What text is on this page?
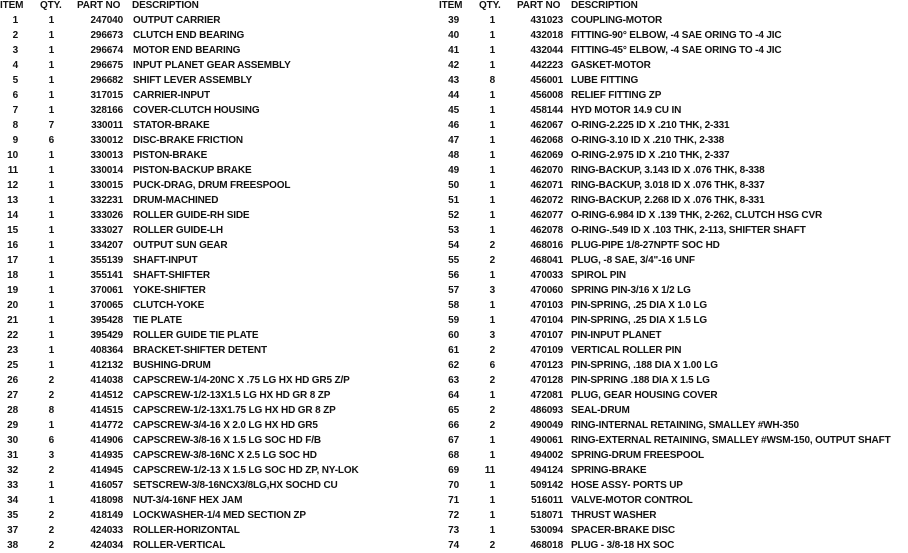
ITEM QTY. PART NO DESCRIPTION
1	1	247040 OUTPUT CARRIER
2	1	296673 CLUTCH END BEARING
3	1	296674 MOTOR END BEARING
4	1	296675 INPUT PLANET GEAR ASSEMBLY
5	1	296682 SHIFT LEVER ASSEMBLY
6	1	317015 CARRIER-INPUT
7	1	328166 COVER-CLUTCH HOUSING
8	7	330011 STATOR-BRAKE
9	6	330012 DISC-BRAKE FRICTION
10	1	330013 PISTON-BRAKE
11	1	330014 PISTON-BACKUP BRAKE
12	1	330015 PUCK-DRAG, DRUM FREESPOOL
13	1	332231 DRUM-MACHINED
14	1	333026 ROLLER GUIDE-RH SIDE
15	1	333027 ROLLER GUIDE-LH
16	1	334207 OUTPUT SUN GEAR
17	1	355139 SHAFT-INPUT
18	1	355141 SHAFT-SHIFTER
19	1	370061 YOKE-SHIFTER
20	1	370065 CLUTCH-YOKE
21	1	395428 TIE PLATE
22	1	395429 ROLLER GUIDE TIE PLATE
23	1	408364 BRACKET-SHIFTER DETENT
25	1	412132 BUSHING-DRUM
26	2	414038 CAPSCREW-1/4-20NC X .75 LG HX HD GR5 Z/P
27	2	414512 CAPSCREW-1/2-13X1.5 LG HX HD GR 8 ZP
28	8	414515 CAPSCREW-1/2-13X1.75 LG HX HD GR 8 ZP
29	1	414772 CAPSCREW-3/4-16 X 2.0 LG HX HD GR5
30	6	414906 CAPSCREW-3/8-16 X 1.5 LG SOC HD F/B
31	3	414935 CAPSCREW-3/8-16NC X 2.5 LG SOC HD
32	2	414945 CAPSCREW-1/2-13 X 1.5 LG SOC HD ZP, NY-LOK
33	1	416057 SETSCREW-3/8-16NCX3/8LG,HX SOCHD CU
34	1	418098 NUT-3/4-16NF HEX JAM
35	2	418149 LOCKWASHER-1/4 MED SECTION ZP
37	2	424033 ROLLER-HORIZONTAL
38	2	424034 ROLLER-VERTICAL
ITEM QTY. PART NO DESCRIPTION
39	1	431023 COUPLING-MOTOR
40	1	432018 FITTING-90° ELBOW, -4 SAE ORING TO -4 JIC
41	1	432044 FITTING-45° ELBOW, -4 SAE ORING TO -4 JIC
42	1	442223 GASKET-MOTOR
43	8	456001 LUBE FITTING
44	1	456008 RELIEF FITTING ZP
45	1	458144 HYD MOTOR 14.9 CU IN
46	1	462067 O-RING-2.225 ID X .210 THK, 2-331
47	1	462068 O-RING-3.10 ID X .210 THK, 2-338
48	1	462069 O-RING-2.975 ID X .210 THK, 2-337
49	1	462070 RING-BACKUP, 3.143 ID X .076 THK, 8-338
50	1	462071 RING-BACKUP, 3.018 ID X .076 THK, 8-337
51	1	462072 RING-BACKUP, 2.268 ID X .076 THK, 8-331
52	1	462077 O-RING-6.984 ID X .139 THK, 2-262, CLUTCH HSG CVR
53	1	462078 O-RING-.549 ID X .103 THK, 2-113, SHIFTER SHAFT
54	2	468016 PLUG-PIPE 1/8-27NPTF SOC HD
55	2	468041 PLUG, -8 SAE, 3/4"-16 UNF
56	1	470033 SPIROL PIN
57	3	470060 SPRING PIN-3/16 X 1/2 LG
58	1	470103 PIN-SPRING, .25 DIA X 1.0 LG
59	1	470104 PIN-SPRING, .25 DIA X 1.5 LG
60	3	470107 PIN-INPUT PLANET
61	2	470109 VERTICAL ROLLER PIN
62	6	470123 PIN-SPRING, .188 DIA X 1.00 LG
63	2	470128 PIN-SPRING .188 DIA X 1.5 LG
64	1	472081 PLUG, GEAR HOUSING COVER
65	2	486093 SEAL-DRUM
66	2	490049 RING-INTERNAL RETAINING, SMALLEY #WH-350
67	1	490061 RING-EXTERNAL RETAINING, SMALLEY #WSM-150, OUTPUT SHAFT
68	1	494002 SPRING-DRUM FREESPOOL
69	11	494124 SPRING-BRAKE
70	1	509142 HOSE ASSY- PORTS UP
71	1	516011 VALVE-MOTOR CONTROL
72	1	518071 THRUST WASHER
73	1	530094 SPACER-BRAKE DISC
74	2	468018 PLUG - 3/8-18 HX SOC
